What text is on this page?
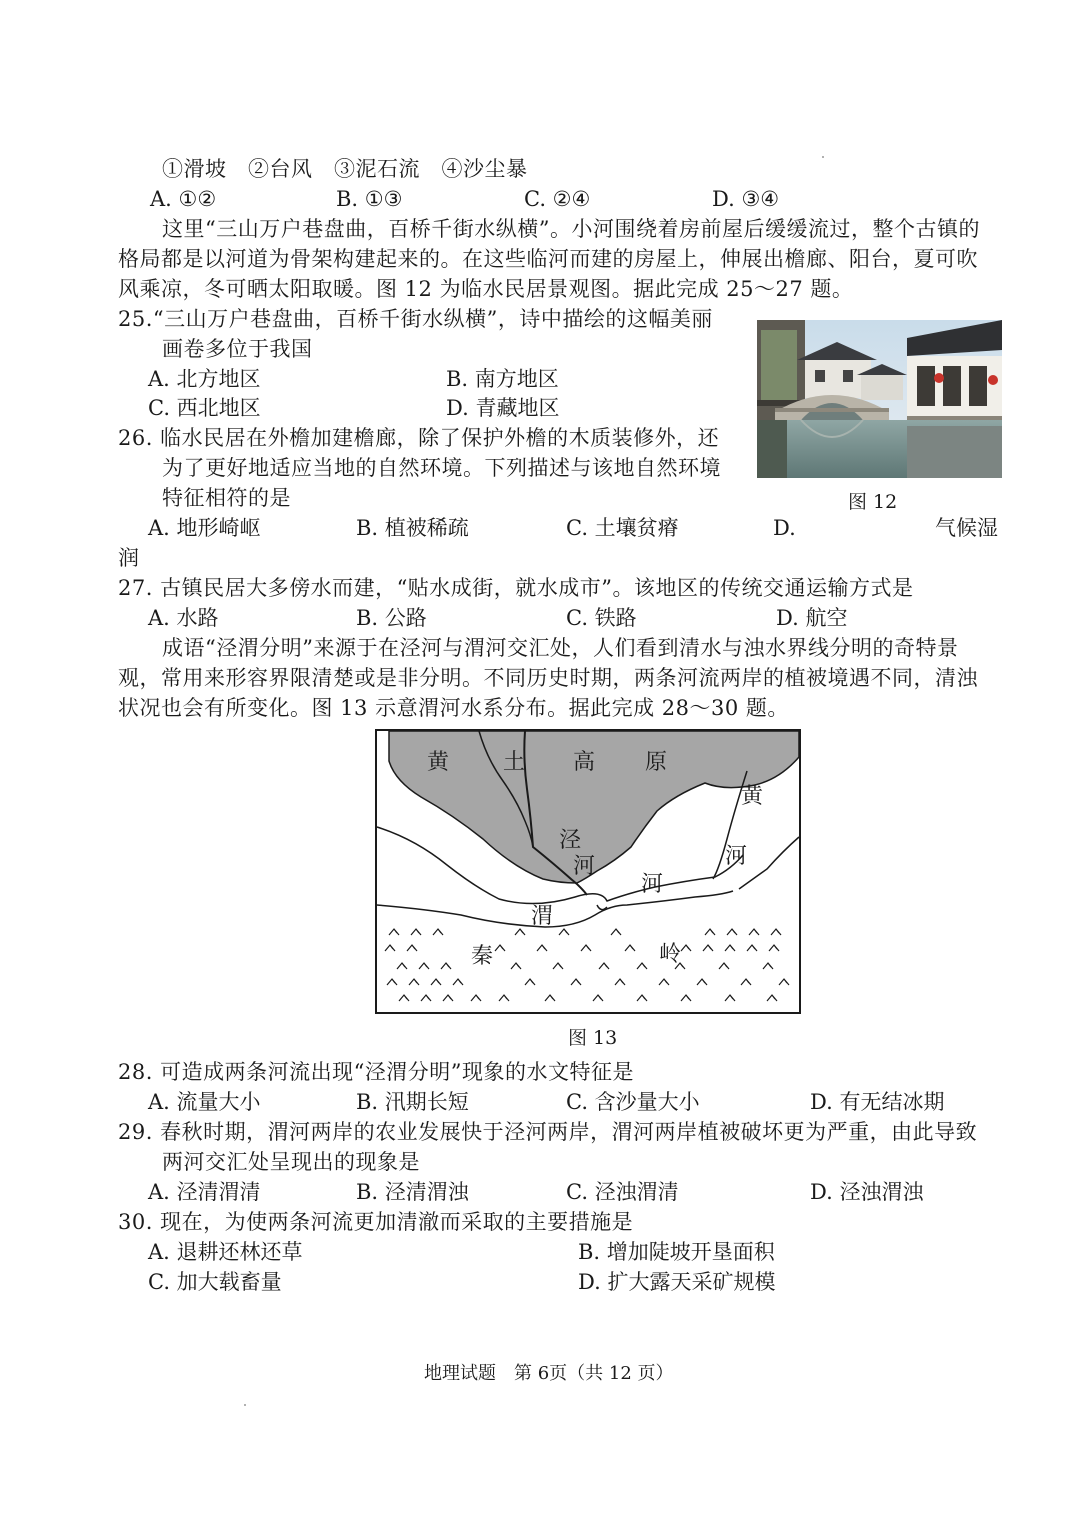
①滑坡　②台风　③泥石流　④沙尘暴
A. ①②	B. ①③	C. ②④	D. ③④
这里“三山万户巷盘曲，百桥千街水纵横”。小河围绕着房前屋后缓缓流过，整个古镇的
格局都是以河道为骨架构建起来的。在这些临河而建的房屋上，伸展出檐廊、阳台，夏可吹
风乘凉，冬可晒太阳取暖。图 12 为临水民居景观图。据此完成 25～27 题。
25.“三山万户巷盘曲，百桥千街水纵横”，诗中描绘的这幅美丽
画卷多位于我国
A. 北方地区	B. 南方地区
C. 西北地区	D. 青藏地区
图 12
26. 临水民居在外檐加建檐廊，除了保护外檐的木质装修外，还
为了更好地适应当地的自然环境。下列描述与该地自然环境
特征相符的是
A. 地形崎岖	B. 植被稀疏	C. 土壤贫瘠	D.	气候湿
润
27. 古镇民居大多傍水而建，“贴水成街，就水成市”。该地区的传统交通运输方式是
A. 水路	B. 公路	C. 铁路	D. 航空
成语“泾渭分明”来源于在泾河与渭河交汇处，人们看到清水与浊水界线分明的奇特景
观，常用来形容界限清楚或是非分明。不同历史时期，两条河流两岸的植被境遇不同，清浊
状况也会有所变化。图 13 示意渭河水系分布。据此完成 28～30 题。
黄 土 高 原
泾
河
渭
河
黄
河
秦	岭
图 13
28. 可造成两条河流出现“泾渭分明”现象的水文特征是
A. 流量大小	B. 汛期长短	C. 含沙量大小	D. 有无结冰期
29. 春秋时期，渭河两岸的农业发展快于泾河两岸，渭河两岸植被破坏更为严重，由此导致
两河交汇处呈现出的现象是
A. 泾清渭清	B. 泾清渭浊	C. 泾浊渭清	D. 泾浊渭浊
30. 现在，为使两条河流更加清澈而采取的主要措施是
A. 退耕还林还草	B. 增加陡坡开垦面积
C. 加大载畜量	D. 扩大露天采矿规模
地理试题　第 6页（共 12 页）
